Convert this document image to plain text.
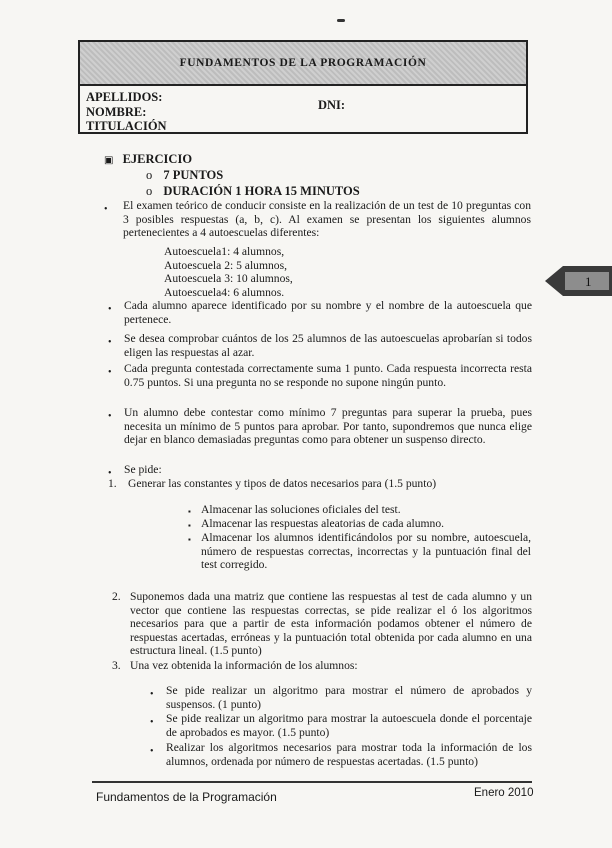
FUNDAMENTOS DE LA PROGRAMACIÓN
APELLIDOS:
NOMBRE:
TITULACIÓN
DNI:
▣ EJERCICIO
o 7 PUNTOS
o DURACIÓN 1 HORA 15 MINUTOS
• El examen teórico de conducir consiste en la realización de un test de 10 preguntas con 3 posibles respuestas (a, b, c). Al examen se presentan los siguientes alumnos pertenecientes a 4 autoescuelas diferentes:
Autoescuela1: 4 alumnos,
Autoescuela 2: 5 alumnos,
Autoescuela 3: 10 alumnos,
Autoescuela4: 6 alumnos.
1
• Cada alumno aparece identificado por su nombre y el nombre de la autoescuela que pertenece.
• Se desea comprobar cuántos de los 25 alumnos de las autoescuelas aprobarían si todos eligen las respuestas al azar.
• Cada pregunta contestada correctamente suma 1 punto. Cada respuesta incorrecta resta 0.75 puntos. Si una pregunta no se responde no supone ningún punto.
• Un alumno debe contestar como mínimo 7 preguntas para superar la prueba, pues necesita un mínimo de 5 puntos para aprobar. Por tanto, supondremos que nunca elige dejar en blanco demasiadas preguntas como para obtener un suspenso directo.
• Se pide:
1. Generar las constantes y tipos de datos necesarios para (1.5 punto)
▪ Almacenar las soluciones oficiales del test.
▪ Almacenar las respuestas aleatorias de cada alumno.
▪ Almacenar los alumnos identificándolos por su nombre, autoescuela, número de respuestas correctas, incorrectas y la puntuación final del test corregido.
2. Suponemos dada una matriz que contiene las respuestas al test de cada alumno y un vector que contiene las respuestas correctas, se pide realizar el ó los algoritmos necesarios para que a partir de esta información podamos obtener el número de respuestas acertadas, erróneas y la puntuación total obtenida por cada alumno en una estructura lineal. (1.5 punto)
3. Una vez obtenida la información de los alumnos:
• Se pide realizar un algoritmo para mostrar el número de aprobados y suspensos. (1 punto)
• Se pide realizar un algoritmo para mostrar la autoescuela donde el porcentaje de aprobados es mayor. (1.5 punto)
• Realizar los algoritmos necesarios para mostrar toda la información de los alumnos, ordenada por número de respuestas acertadas. (1.5 punto)
Fundamentos de la Programación	Enero 2010
